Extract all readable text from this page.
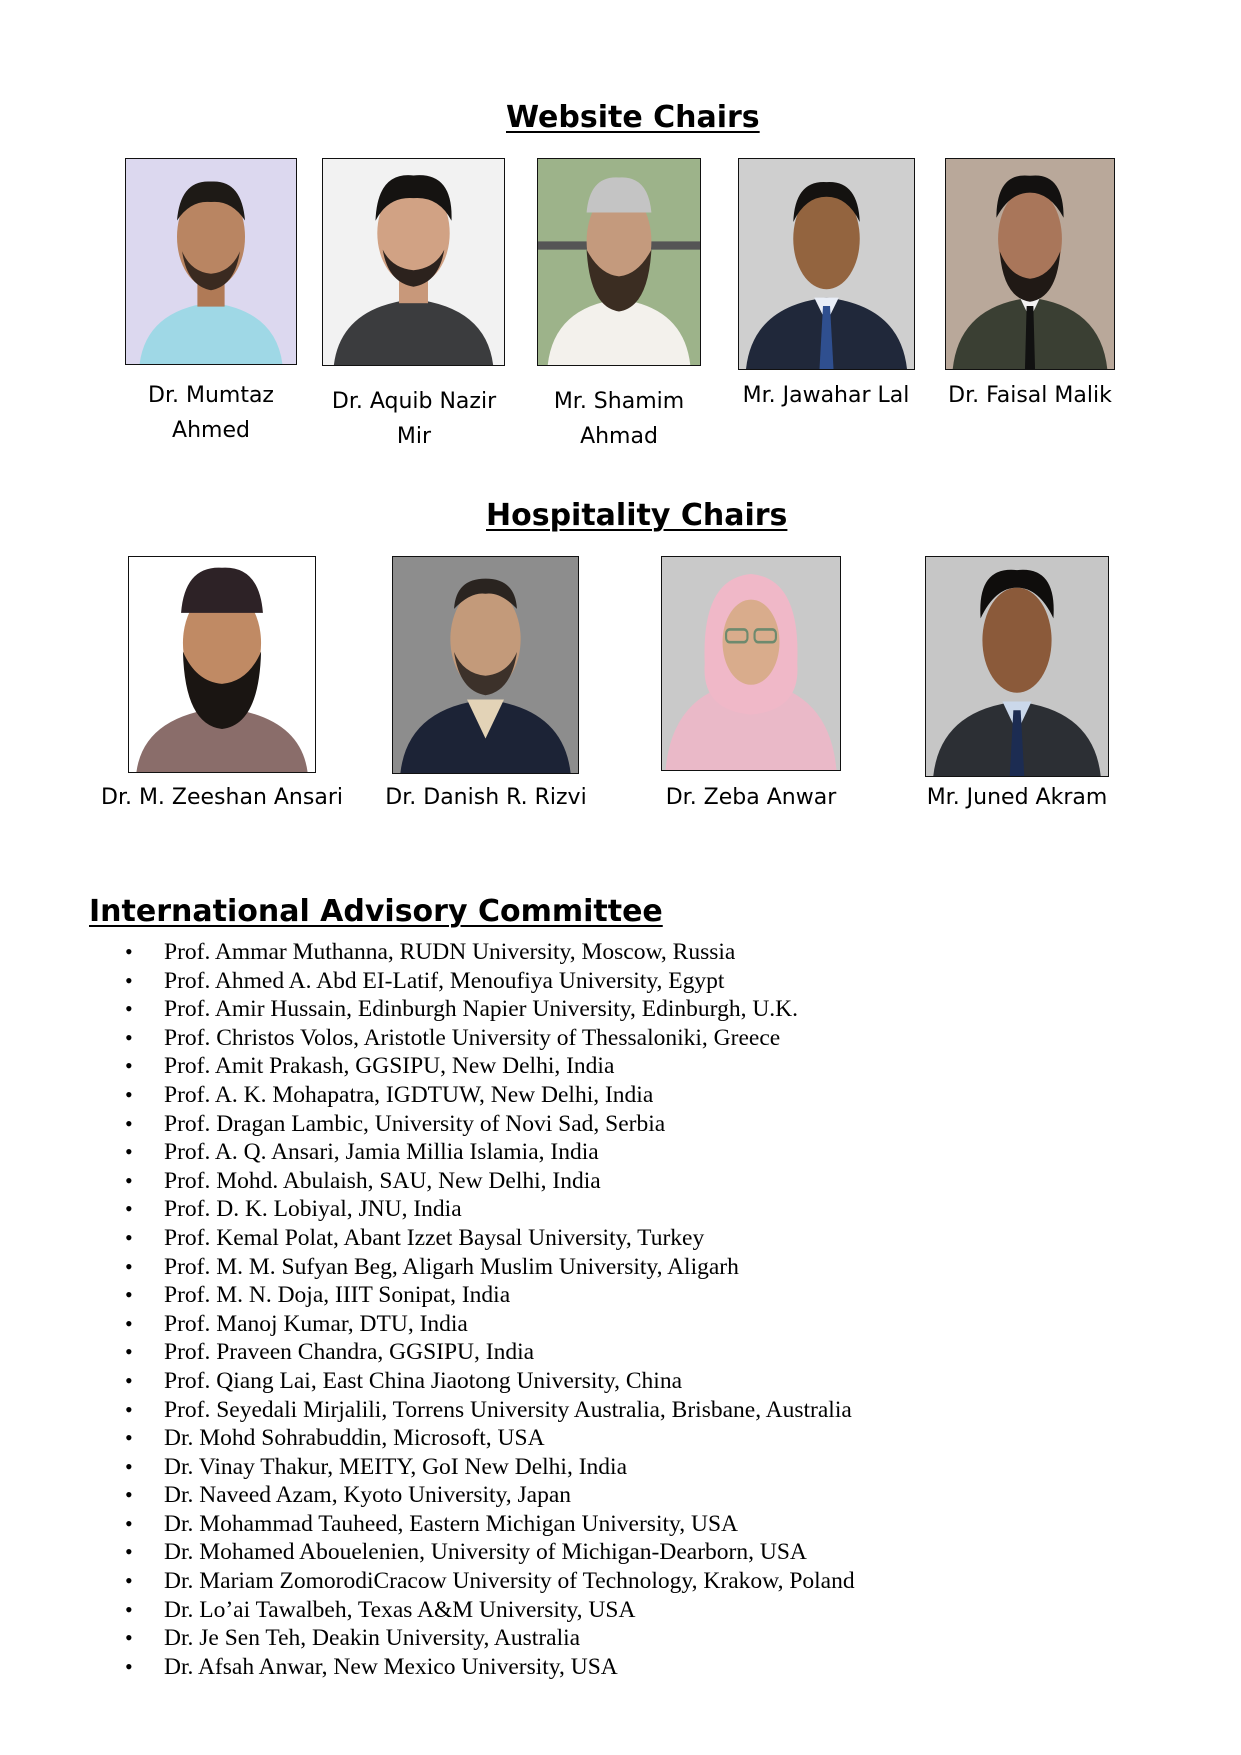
Website Chairs
Dr. Mumtaz
Ahmed
Dr. Aquib Nazir
Mir
Mr. Shamim
Ahmad
Mr. Jawahar Lal	Dr. Faisal Malik
Hospitality Chairs
Dr. M. Zeeshan Ansari	Dr. Danish R. Rizvi	Dr. Zeba Anwar	Mr. Juned Akram
International Advisory Committee
• Prof. Ammar Muthanna, RUDN University, Moscow, Russia
• Prof. Ahmed A. Abd EI-Latif, Menoufiya University, Egypt
• Prof. Amir Hussain, Edinburgh Napier University, Edinburgh, U.K.
• Prof. Christos Volos, Aristotle University of Thessaloniki, Greece
• Prof. Amit Prakash, GGSIPU, New Delhi, India
• Prof. A. K. Mohapatra, IGDTUW, New Delhi, India
• Prof. Dragan Lambic, University of Novi Sad, Serbia
• Prof. A. Q. Ansari, Jamia Millia Islamia, India
• Prof. Mohd. Abulaish, SAU, New Delhi, India
• Prof. D. K. Lobiyal, JNU, India
• Prof. Kemal Polat, Abant Izzet Baysal University, Turkey
• Prof. M. M. Sufyan Beg, Aligarh Muslim University, Aligarh
• Prof. M. N. Doja, IIIT Sonipat, India
• Prof. Manoj Kumar, DTU, India
• Prof. Praveen Chandra, GGSIPU, India
• Prof. Qiang Lai, East China Jiaotong University, China
• Prof. Seyedali Mirjalili, Torrens University Australia, Brisbane, Australia
• Dr. Mohd Sohrabuddin, Microsoft, USA
• Dr. Vinay Thakur, MEITY, GoI New Delhi, India
• Dr. Naveed Azam, Kyoto University, Japan
• Dr. Mohammad Tauheed, Eastern Michigan University, USA
• Dr. Mohamed Abouelenien, University of Michigan-Dearborn, USA
• Dr. Mariam ZomorodiCracow University of Technology, Krakow, Poland
• Dr. Lo’ai Tawalbeh, Texas A&M University, USA
• Dr. Je Sen Teh, Deakin University, Australia
• Dr. Afsah Anwar, New Mexico University, USA
